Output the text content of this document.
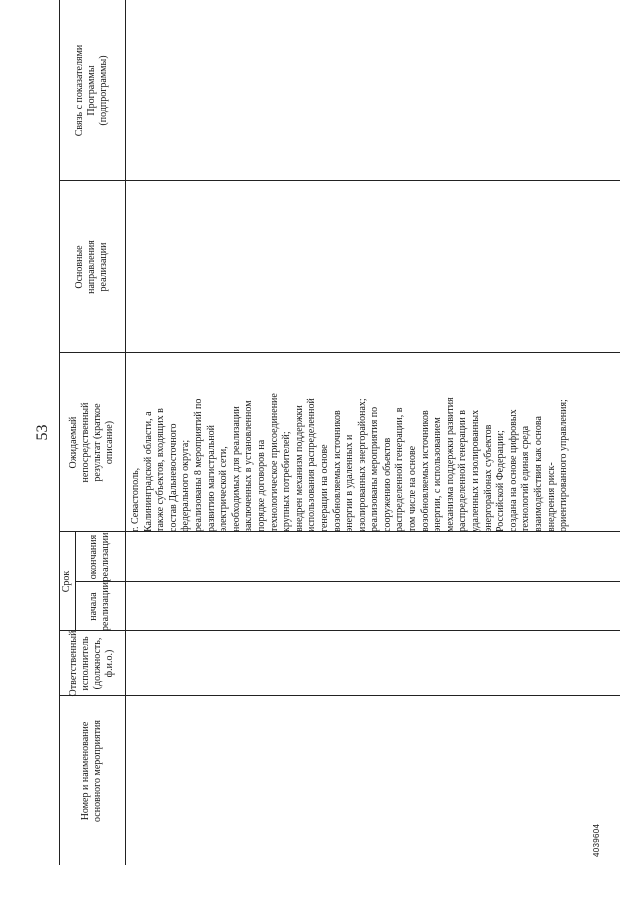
53
Номер и наименование основного мероприятия
Ответственный исполнитель (должность, ф.и.о.)
Срок
начала реализации
окончания реализации
Ожидаемый непосредственный результат (краткое описание)
Основные направления реализации
Связь с показателями Программы (подпрограммы)
г. Севастополь, Калининградской области, а также субъектов, входящих в состав Дальневосточного федерального округа; реализованы 8 мероприятий по развитию магистральной электрической сети, необходимых для реализации заключенных в установленном порядке договоров на технологическое присоединение крупных потребителей; внедрен механизм поддержки использования распределенной генерации на основе возобновляемых источников энергии в удаленных и изолированных энергорайонах; реализованы мероприятия по сооружению объектов распределенной генерации, в том числе на основе возобновляемых источников энергии, с использованием механизма поддержки развития распределенной генерации в удаленных и изолированных энергорайонах субъектов Российской Федерации; создана на основе цифровых технологий единая среда взаимодействия как основа внедрения риск- ориентированного управления;
4039604
